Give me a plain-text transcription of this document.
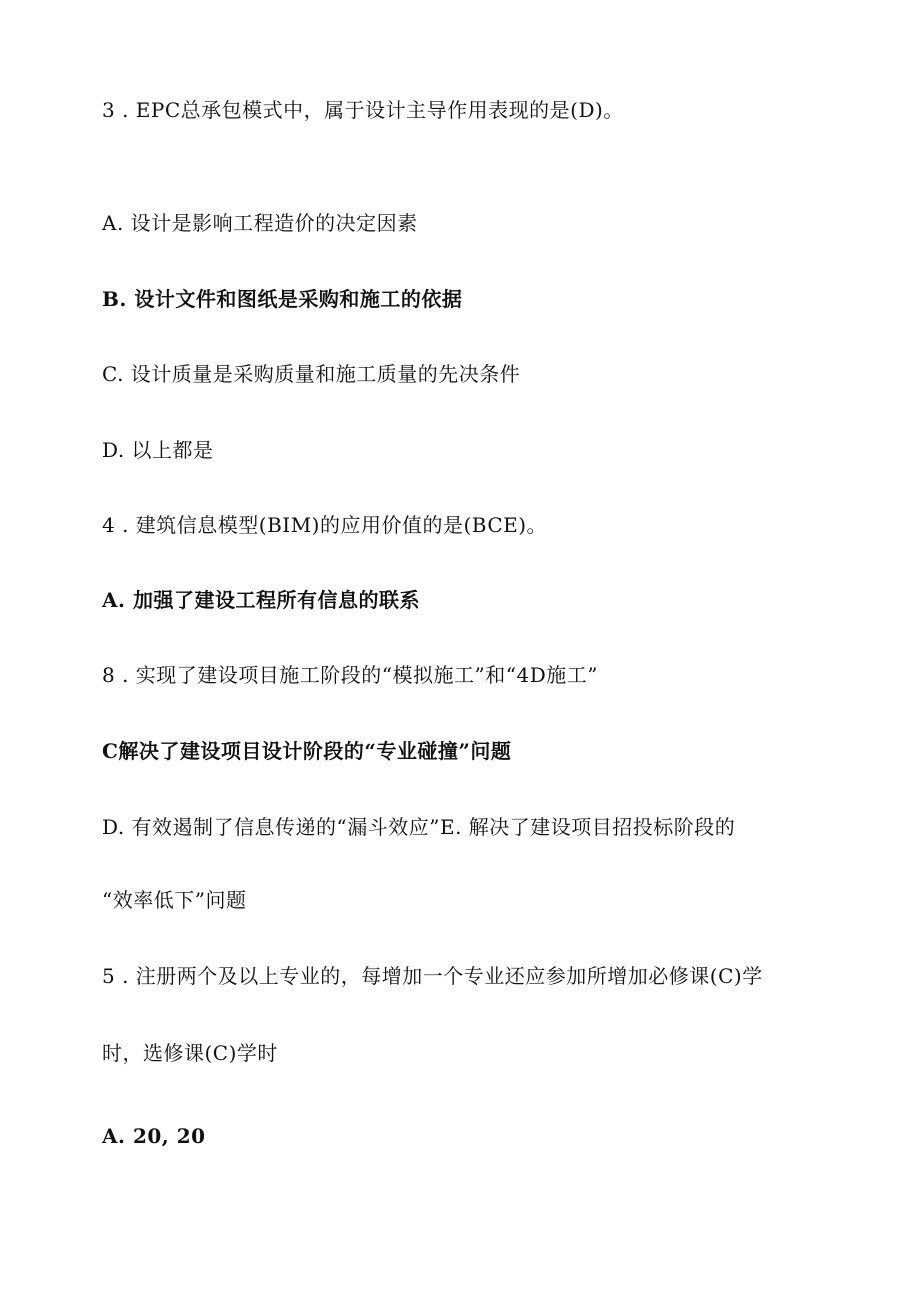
3 . EPC总承包模式中，属于设计主导作用表现的是(D)。
A. 设计是影响工程造价的决定因素
B. 设计文件和图纸是采购和施工的依据
C. 设计质量是采购质量和施工质量的先决条件
D. 以上都是
4 . 建筑信息模型(BIM)的应用价值的是(BCE)。
A. 加强了建设工程所有信息的联系
8 . 实现了建设项目施工阶段的“模拟施工”和“4D施工”
C解决了建设项目设计阶段的“专业碰撞”问题
D. 有效遏制了信息传递的“漏斗效应”E. 解决了建设项目招投标阶段的
“效率低下”问题
5 . 注册两个及以上专业的，每增加一个专业还应参加所增加必修课(C)学
时，选修课(C)学时
A. 20, 20
